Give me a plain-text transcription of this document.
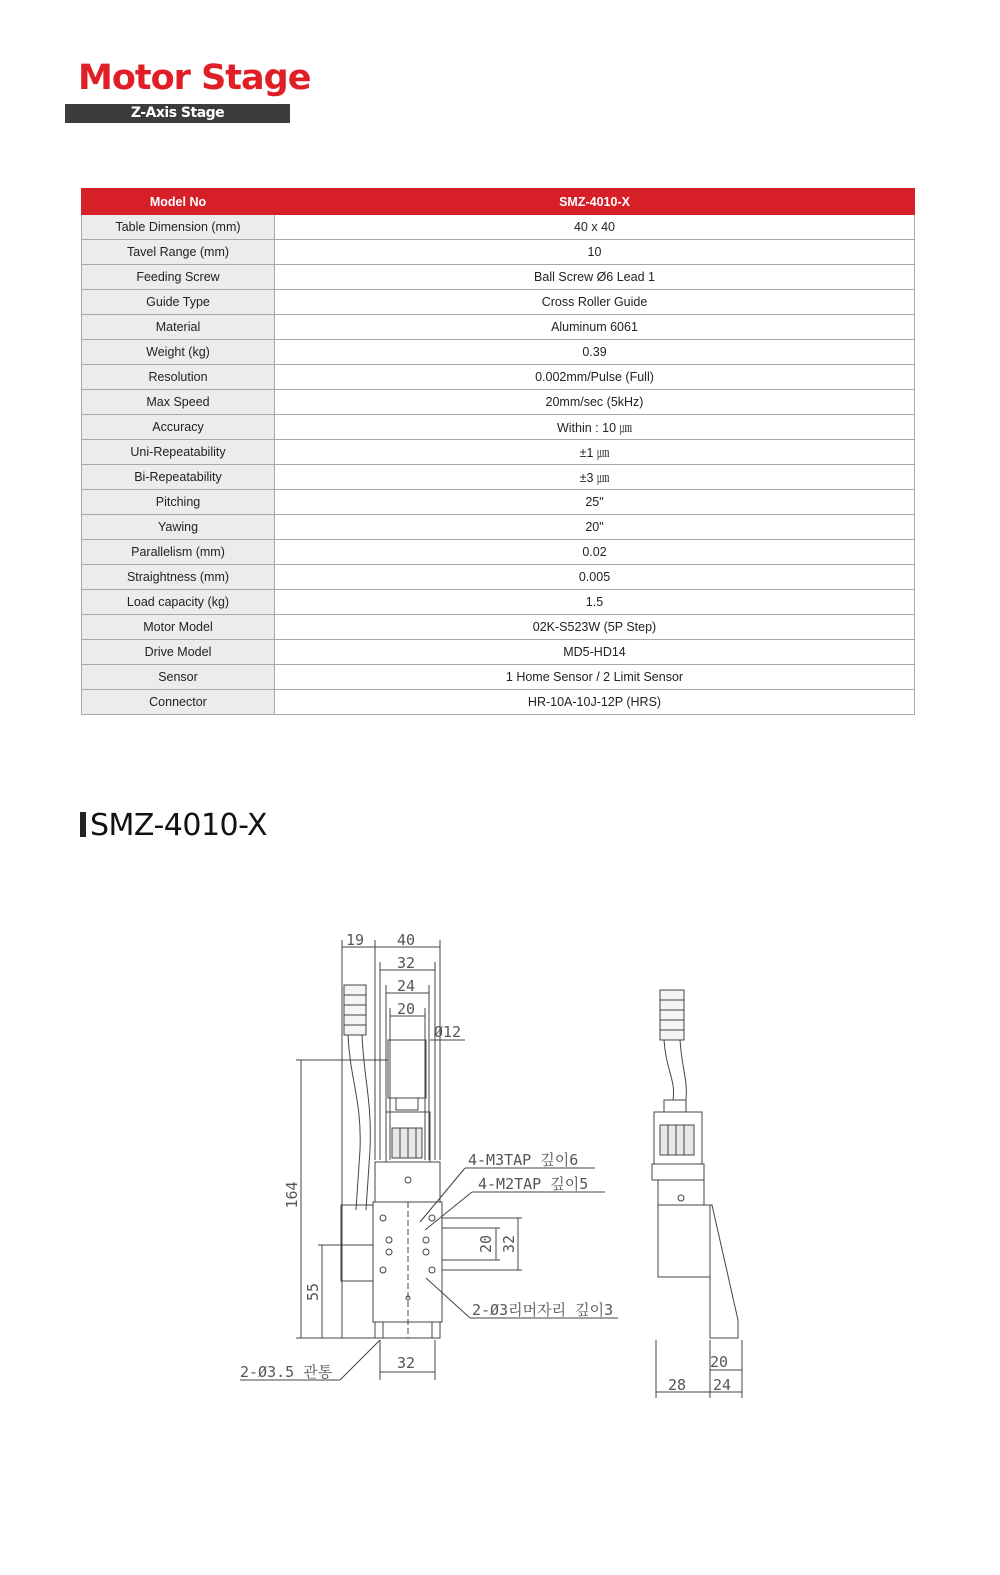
Motor Stage
Z-Axis Stage
Model No	SMZ-4010-X
Table Dimension (mm)	40 x 40
Tavel Range (mm)	10
Feeding Screw	Ball Screw Ø6 Lead 1
Guide Type	Cross Roller Guide
Material	Aluminum 6061
Weight (kg)	0.39
Resolution	0.002mm/Pulse (Full)
Max Speed	20mm/sec (5kHz)
Accuracy	Within : 10 ㎛
Uni-Repeatability	±1 ㎛
Bi-Repeatability	±3 ㎛
Pitching	25"
Yawing	20"
Parallelism (mm)	0.02
Straightness (mm)	0.005
Load capacity (kg)	1.5
Motor Model	02K-S523W (5P Step)
Drive Model	MD5-HD14
Sensor	1 Home Sensor / 2 Limit Sensor
Connector	HR-10A-10J-12P (HRS)
SMZ-4010-X
19 40
32
24
20
Ø12
164
55
20 32
32	20
28 24
4-M3TAP 깊이6
4-M2TAP 깊이5
2-Ø3리머자리 깊이3
2-Ø3.5 관통
